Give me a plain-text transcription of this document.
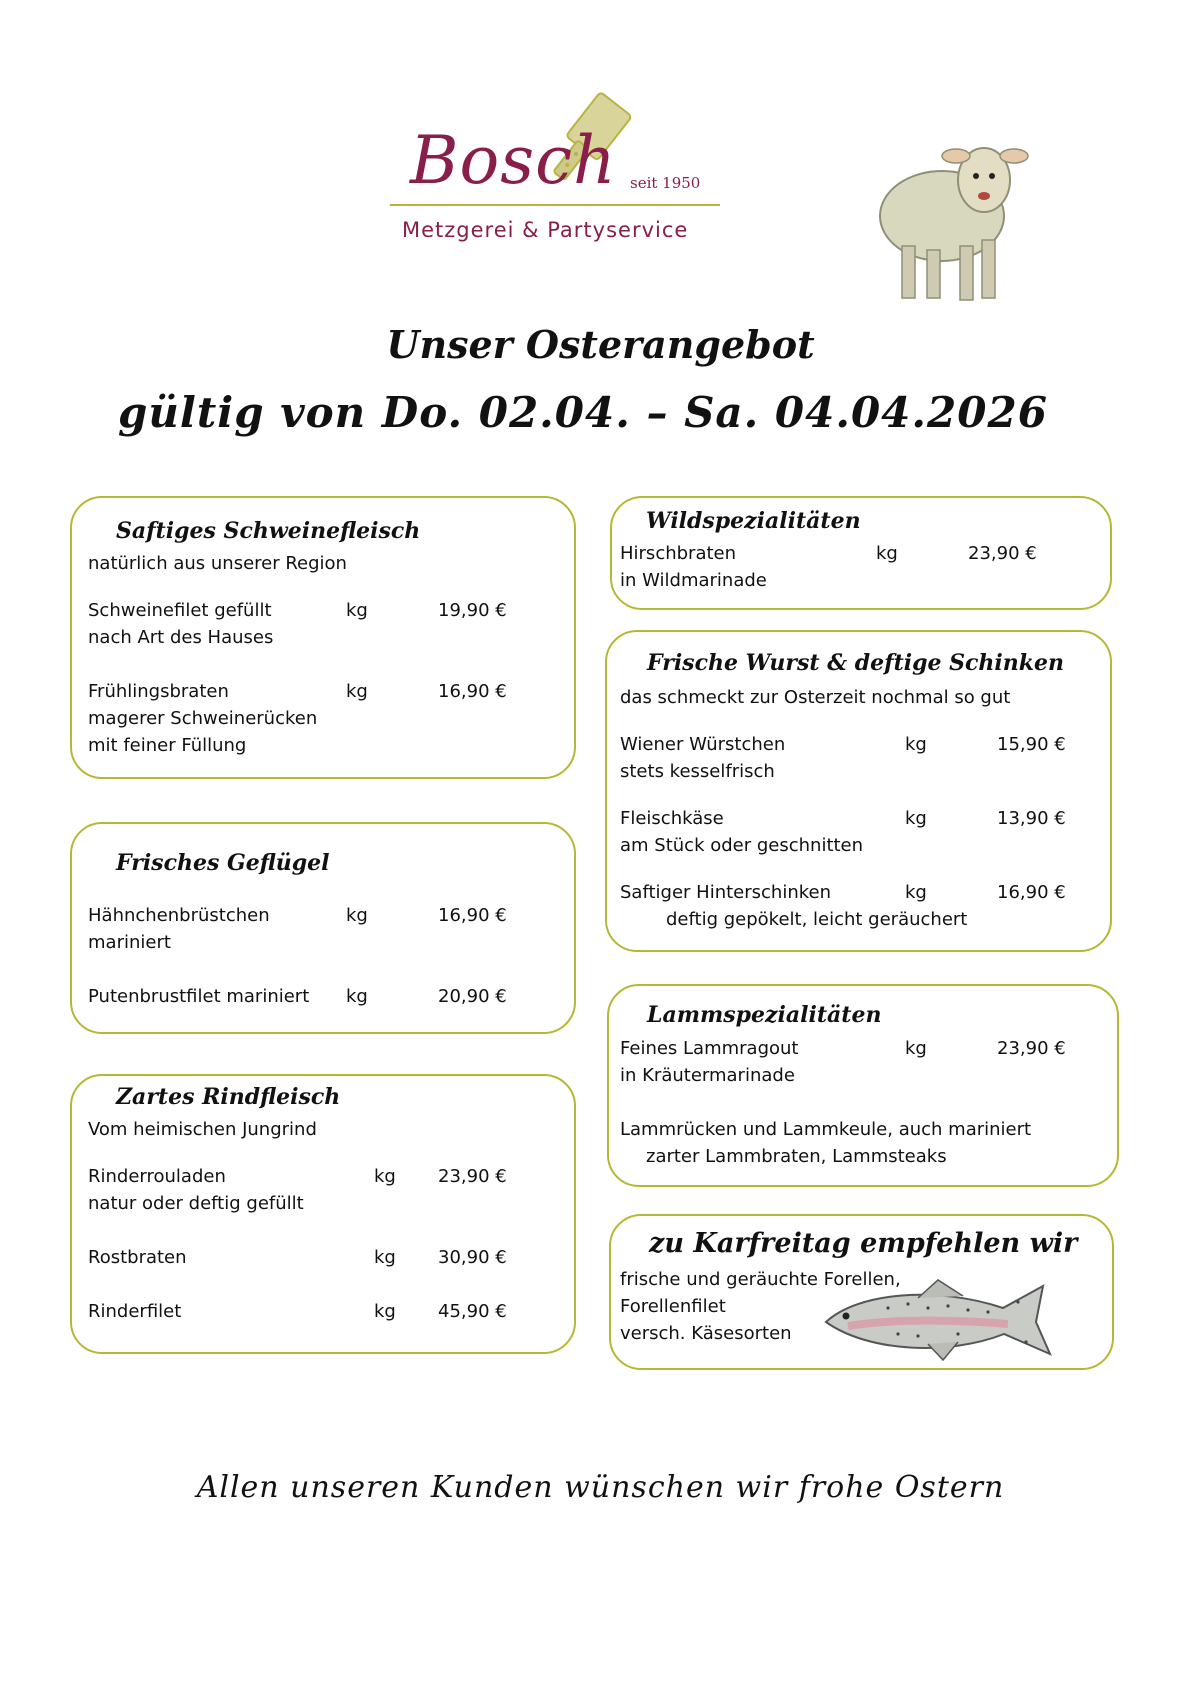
Bosch seit 1950
Metzgerei & Partyservice
Unser Osterangebot
gültig von Do. 02.04. – Sa. 04.04.2026
Saftiges Schweinefleisch
natürlich aus unserer Region
Schweinefilet gefüllt	kg	19,90 €
nach Art des Hauses
Frühlingsbraten	kg	16,90 €
magerer Schweinerücken
mit feiner Füllung
Frisches Geflügel
Hähnchenbrüstchen	kg	16,90 €
mariniert
Putenbrustfilet mariniert kg	20,90 €
Zartes Rindfleisch
Vom heimischen Jungrind
Rinderrouladen	kg 23,90 €
natur oder deftig gefüllt
Rostbraten	kg 30,90 €
Rinderfilet	kg 45,90 €
Wildspezialitäten
Hirschbraten	kg	23,90 €
in Wildmarinade
Frische Wurst & deftige Schinken
das schmeckt zur Osterzeit nochmal so gut
Wiener Würstchen	kg	15,90 €
stets kesselfrisch
Fleischkäse	kg	13,90 €
am Stück oder geschnitten
Saftiger Hinterschinken	kg	16,90 €
deftig gepökelt, leicht geräuchert
Lammspezialitäten
Feines Lammragout	kg	23,90 €
in Kräutermarinade
Lammrücken und Lammkeule, auch mariniert
zarter Lammbraten, Lammsteaks
zu Karfreitag empfehlen wir
frische und geräuchte Forellen,
Forellenfilet
versch. Käsesorten
Allen unseren Kunden wünschen wir frohe Ostern
